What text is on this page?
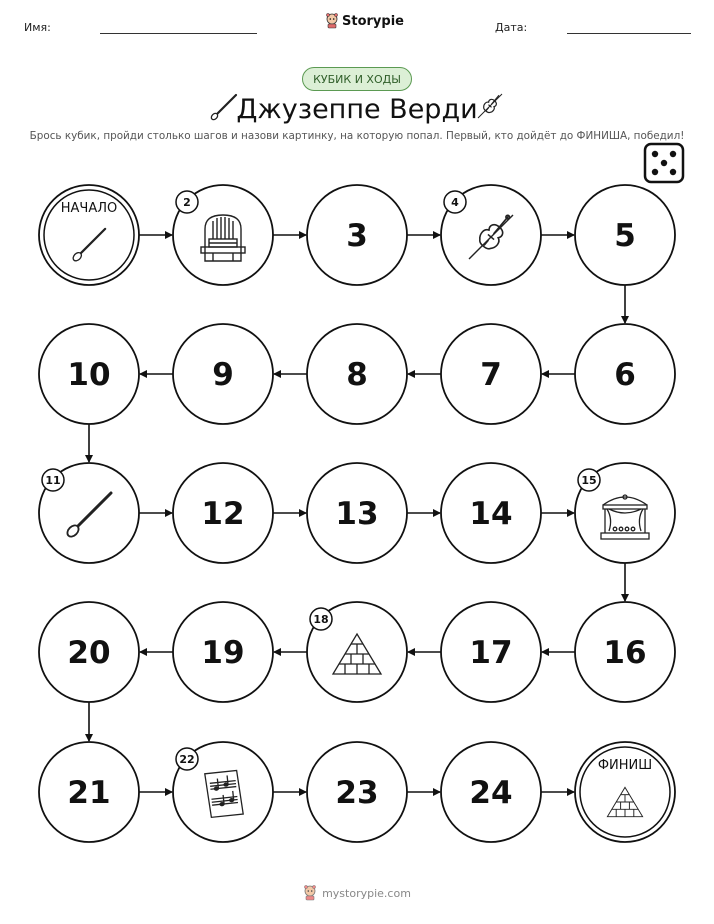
Имя:	Storypie	Дата:
КУБИК И ХОДЫ
Джузеппе Верди
Брось кубик, пройди столько шагов и назови картинку, на которую попал. Первый, кто дойдёт до ФИНИША, победил!
НАЧАЛО	2
3
4
5
6
7
8
9
10
11
12	13	14
15
16
17
18
19
20
21
22
23	24
ФИНИШ
mystorypie.com
